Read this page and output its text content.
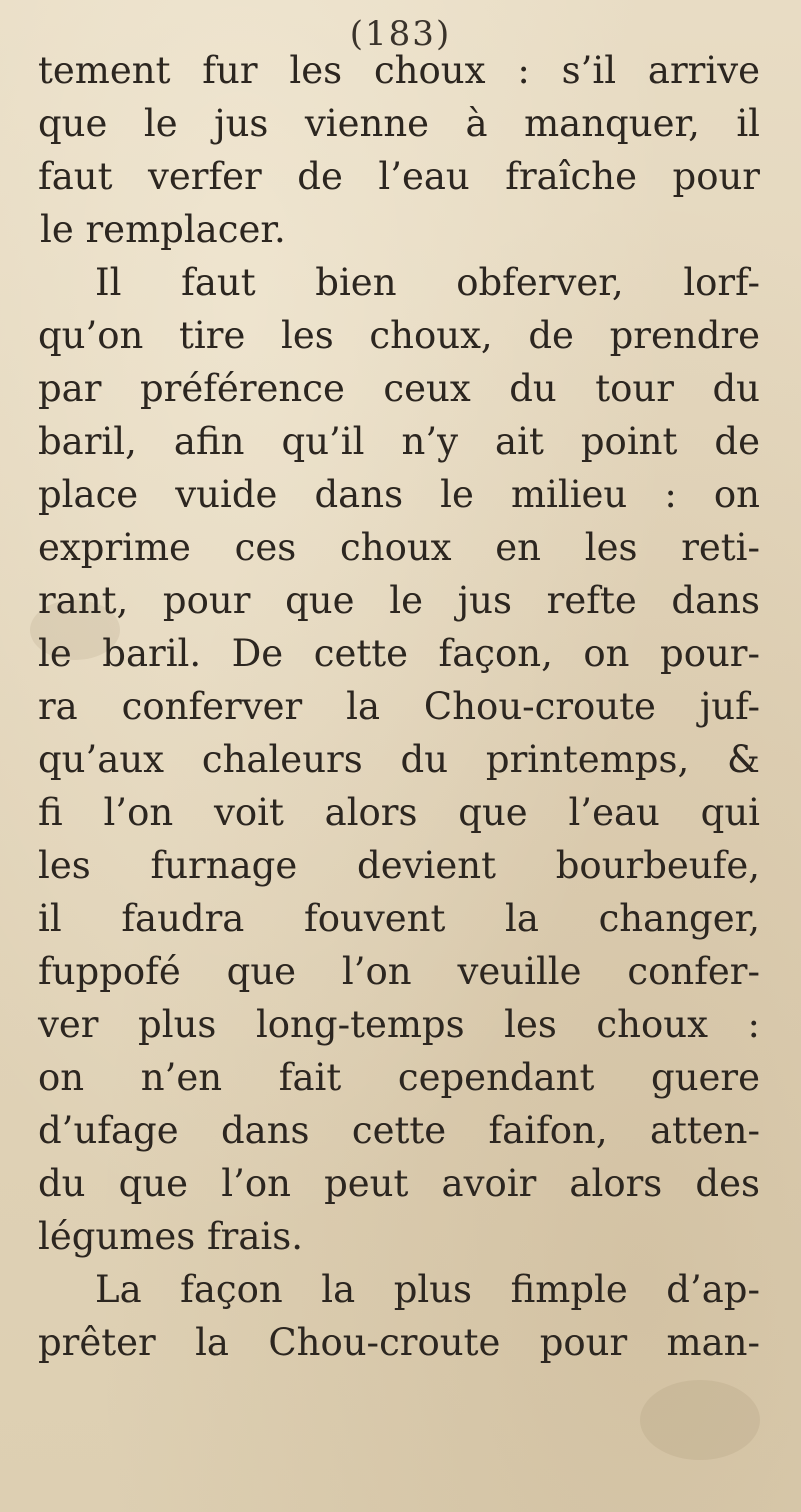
(183)
tement fur les choux : s’il arrive
que le jus vienne à manquer, il
faut verfer de l’eau fraîche pour
le remplacer.
Il faut bien obferver, lorf-
qu’on tire les choux, de prendre
par préférence ceux du tour du
baril, afin qu’il n’y ait point de
place vuide dans le milieu : on
exprime ces choux en les reti-
rant, pour que le jus refte dans
le baril. De cette façon, on pour-
ra conferver la Chou-croute juf-
qu’aux chaleurs du printemps, &
fi l’on voit alors que l’eau qui
les furnage devient bourbeufe,
il faudra fouvent la changer,
fuppofé que l’on veuille confer-
ver plus long-temps les choux :
on n’en fait cependant guere
d’ufage dans cette faifon, atten-
du que l’on peut avoir alors des
légumes frais.
La façon la plus fimple d’ap-
prêter la Chou-croute pour man-
